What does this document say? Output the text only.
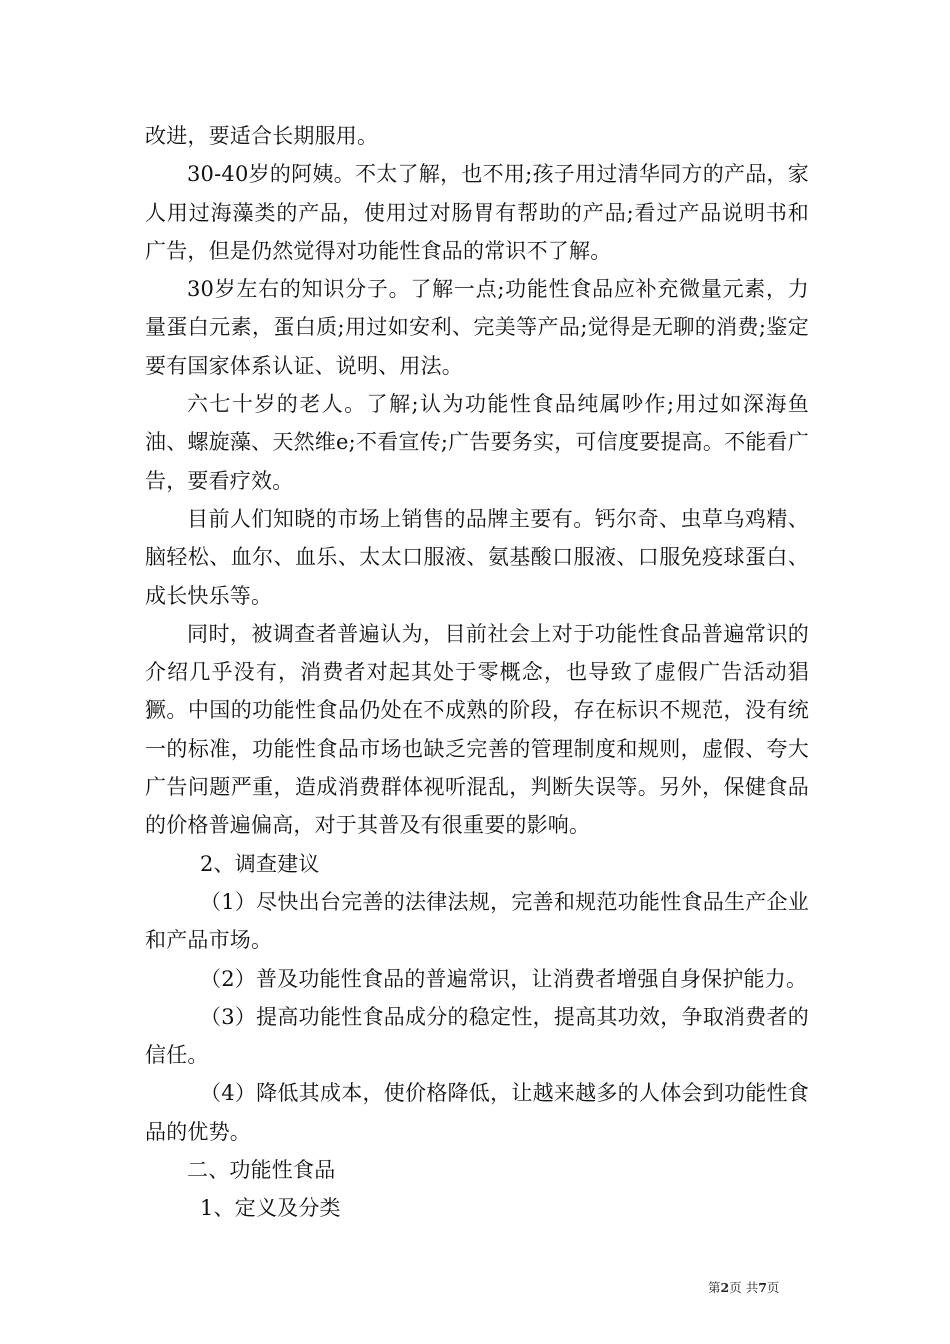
改进，要适合长期服用。

30-40岁的阿姨。不太了解，也不用;孩子用过清华同方的产品，家人用过海藻类的产品，使用过对肠胃有帮助的产品;看过产品说明书和广告，但是仍然觉得对功能性食品的常识不了解。

30岁左右的知识分子。了解一点;功能性食品应补充微量元素，力量蛋白元素，蛋白质;用过如安利、完美等产品;觉得是无聊的消费;鉴定要有国家体系认证、说明、用法。

六七十岁的老人。了解;认为功能性食品纯属吵作;用过如深海鱼油、螺旋藻、天然维e;不看宣传;广告要务实，可信度要提高。不能看广告，要看疗效。

目前人们知晓的市场上销售的品牌主要有。钙尔奇、虫草乌鸡精、脑轻松、血尔、血乐、太太口服液、氨基酸口服液、口服免疫球蛋白、成长快乐等。

同时，被调查者普遍认为，目前社会上对于功能性食品普遍常识的介绍几乎没有，消费者对起其处于零概念，也导致了虚假广告活动猖獗。中国的功能性食品仍处在不成熟的阶段，存在标识不规范，没有统一的标准，功能性食品市场也缺乏完善的管理制度和规则，虚假、夸大广告问题严重，造成消费群体视听混乱，判断失误等。另外，保健食品的价格普遍偏高，对于其普及有很重要的影响。

2、调查建议

（1）尽快出台完善的法律法规，完善和规范功能性食品生产企业和产品市场。

（2）普及功能性食品的普遍常识，让消费者增强自身保护能力。

（3）提高功能性食品成分的稳定性，提高其功效，争取消费者的信任。

（4）降低其成本，使价格降低，让越来越多的人体会到功能性食品的优势。

二、功能性食品

1、定义及分类

第2页 共7页
